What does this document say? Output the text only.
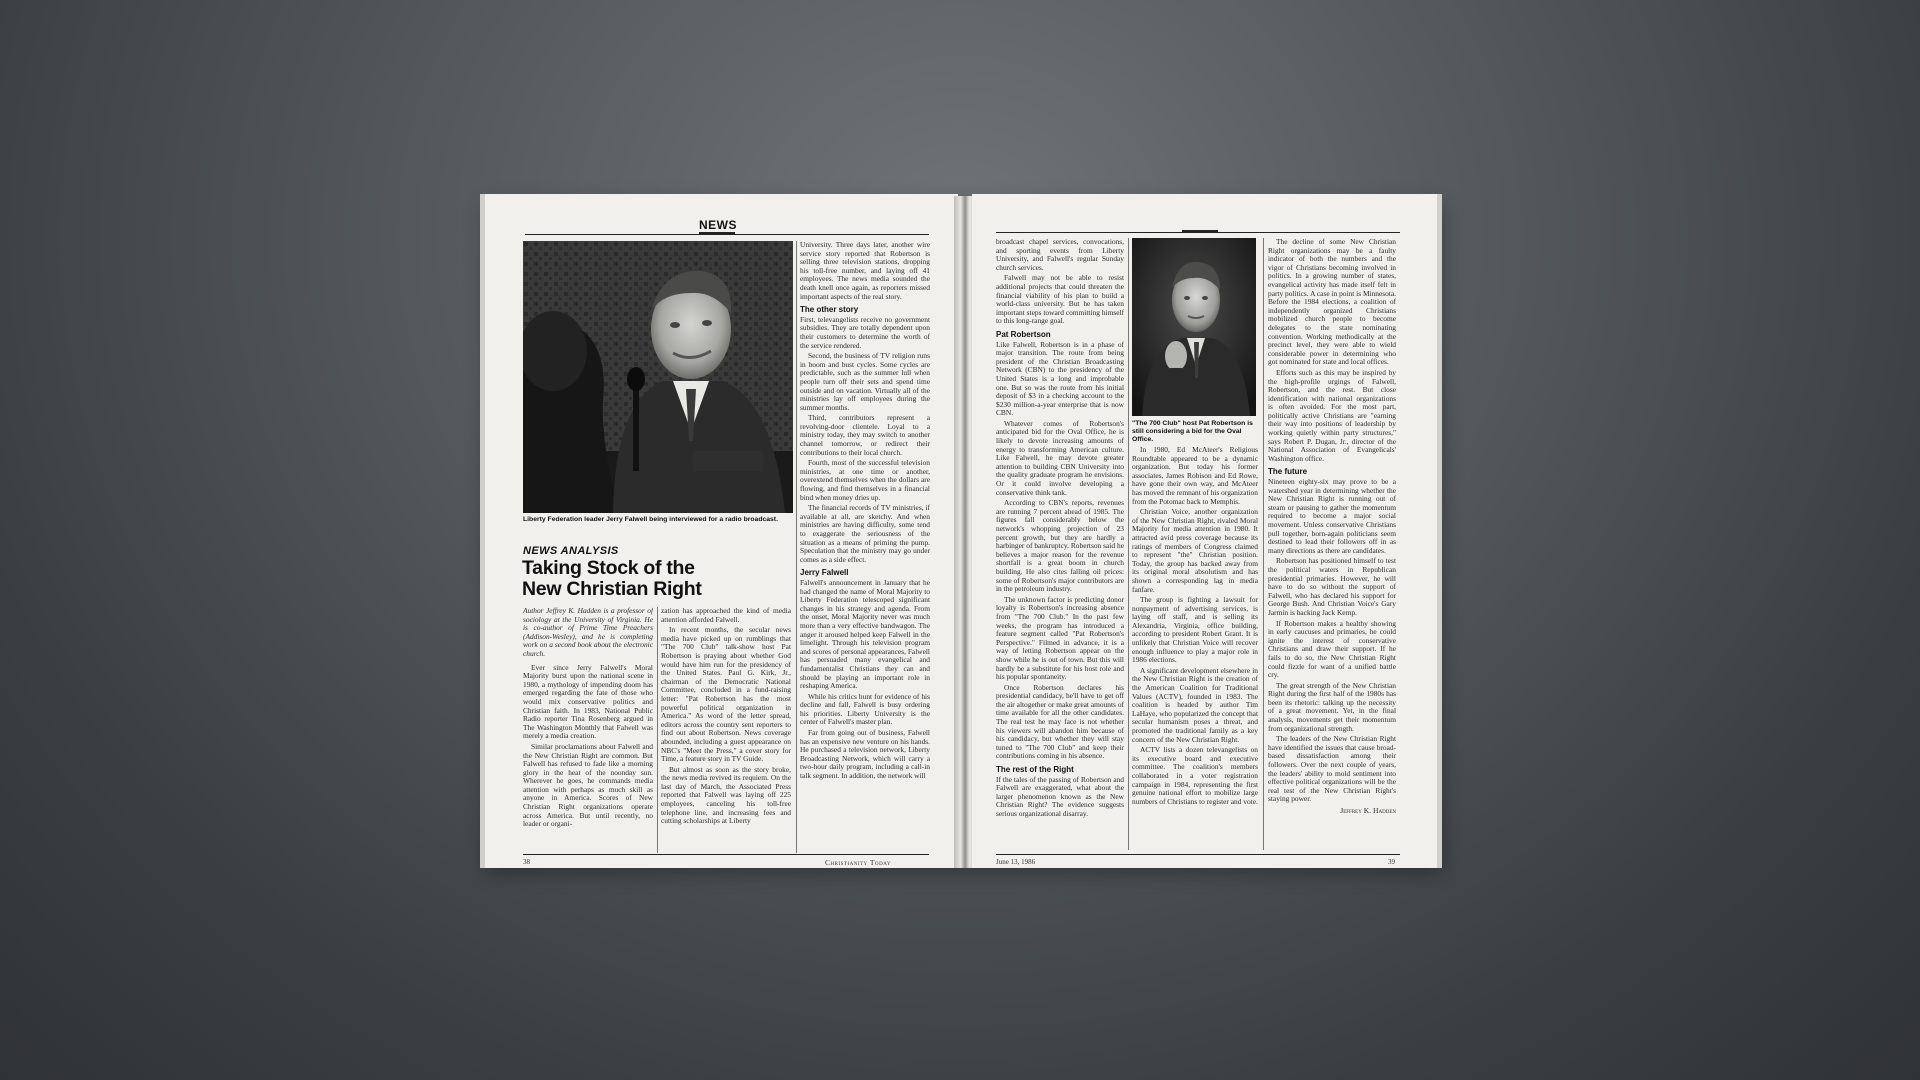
NEWS
Liberty Federation leader Jerry Falwell being interviewed for a radio broadcast.
NEWS ANALYSIS
Taking Stock of the
New Christian Right

Author Jeffrey K. Hadden is a professor of sociology at the University of Virginia. He is co-author of Prime Time Preachers (Addison-Wesley), and he is completing work on a second book about the electronic church.

Ever since Jerry Falwell's Moral Majority burst upon the national scene in 1980, a mythology of impending doom has emerged regarding the fate of those who would mix conservative politics and Christian faith. In 1983, National Public Radio reporter Tina Rosenberg argued in The Washington Monthly that Falwell was merely a media creation.

Similar proclamations about Falwell and the New Christian Right are common. But Falwell has refused to fade like a morning glory in the heat of the noonday sun. Wherever he goes, he commands media attention with perhaps as much skill as anyone in America. Scores of New Christian Right organizations operate across America. But until recently, no leader or organi-

zation has approached the kind of media attention afforded Falwell.

In recent months, the secular news media have picked up on rumblings that "The 700 Club" talk-show host Pat Robertson is praying about whether God would have him run for the presidency of the United States. Paul G. Kirk, Jr., chairman of the Democratic National Committee, concluded in a fund-raising letter: "Pat Robertson has the most powerful political organization in America." As word of the letter spread, editors across the country sent reporters to find out about Robertson. News coverage abounded, including a guest appearance on NBC's "Meet the Press," a cover story for Time, a feature story in TV Guide.

But almost as soon as the story broke, the news media revived its requiem. On the last day of March, the Associated Press reported that Falwell was laying off 225 employees, canceling his toll-free telephone line, and increasing fees and cutting scholarships at Liberty

University. Three days later, another wire service story reported that Robertson is selling three television stations, dropping his toll-free number, and laying off 41 employees. The news media sounded the death knell once again, as reporters missed important aspects of the real story.

The other story

First, televangelists receive no government subsidies. They are totally dependent upon their customers to determine the worth of the service rendered.

Second, the business of TV religion runs in boom and bust cycles. Some cycles are predictable, such as the summer lull when people turn off their sets and spend time outside and on vacation. Virtually all of the ministries lay off employees during the summer months.

Third, contributors represent a revolving-door clientele. Loyal to a ministry today, they may switch to another channel tomorrow, or redirect their contributions to their local church.

Fourth, most of the successful television ministries, at one time or another, overextend themselves when the dollars are flowing, and find themselves in a financial bind when money dries up.

The financial records of TV ministries, if available at all, are sketchy. And when ministries are having difficulty, some tend to exaggerate the seriousness of the situation as a means of priming the pump. Speculation that the ministry may go under comes as a side effect.

Jerry Falwell

Falwell's announcement in January that he had changed the name of Moral Majority to Liberty Federation telescoped significant changes in his strategy and agenda. From the onset, Moral Majority never was much more than a very effective bandwagon. The anger it aroused helped keep Falwell in the limelight. Through his television program and scores of personal appearances, Falwell has persuaded many evangelical and fundamentalist Christians they can and should be playing an important role in reshaping America.

While his critics hunt for evidence of his decline and fall, Falwell is busy ordering his priorities. Liberty University is the center of Falwell's master plan.

Far from going out of business, Falwell has an expensive new venture on his hands. He purchased a television network, Liberty Broadcasting Network, which will carry a two-hour daily program, including a call-in talk segment. In addition, the network will

38	Christianity Today

broadcast chapel services, convocations, and sporting events from Liberty University, and Falwell's regular Sunday church services.

Falwell may not be able to resist additional projects that could threaten the financial viability of his plan to build a world-class university. But he has taken important steps toward committing himself to this long-range goal.

Pat Robertson

Like Falwell, Robertson is in a phase of major transition. The route from being president of the Christian Broadcasting Network (CBN) to the presidency of the United States is a long and improbable one. But so was the route from his initial deposit of $3 in a checking account to the $230 million-a-year enterprise that is now CBN.

Whatever comes of Robertson's anticipated bid for the Oval Office, he is likely to devote increasing amounts of energy to transforming American culture. Like Falwell, he may devote greater attention to building CBN University into the quality graduate program he envisions. Or it could involve developing a conservative think tank.

According to CBN's reports, revenues are running 7 percent ahead of 1985. The figures fall considerably below the network's whopping projection of 23 percent growth, but they are hardly a harbinger of bankruptcy. Robertson said he believes a major reason for the revenue shortfall is a great boom in church building. He also cites falling oil prices: some of Robertson's major contributors are in the petroleum industry.

The unknown factor is predicting donor loyalty is Robertson's increasing absence from "The 700 Club." In the past few weeks, the program has introduced a feature segment called "Pat Robertson's Perspective." Filmed in advance, it is a way of letting Robertson appear on the show while he is out of town. But this will hardly be a substitute for his host role and his popular spontaneity.

Once Robertson declares his presidential candidacy, he'll have to get off the air altogether or make great amounts of time available for all the other candidates. The real test he may face is not whether his viewers will abandon him because of his candidacy, but whether they will stay tuned to "The 700 Club" and keep their contributions coming in his absence.

The rest of the Right

If the tales of the passing of Robertson and Falwell are exaggerated, what about the larger phenomenon known as the New Christian Right? The evidence suggests serious organizational disarray.

"The 700 Club" host Pat Robertson is still considering a bid for the Oval Office.

In 1980, Ed McAteer's Religious Roundtable appeared to be a dynamic organization. But today his former associates, James Robison and Ed Rowe, have gone their own way, and McAteer has moved the remnant of his organization from the Potomac back to Memphis.

Christian Voice, another organization of the New Christian Right, rivaled Moral Majority for media attention in 1980. It attracted avid press coverage because its ratings of members of Congress claimed to represent "the" Christian position. Today, the group has backed away from its original moral absolutism and has shown a corresponding lag in media fanfare.

The group is fighting a lawsuit for nonpayment of advertising services, is laying off staff, and is selling its Alexandria, Virginia, office building, according to president Robert Grant. It is unlikely that Christian Voice will recover enough influence to play a major role in 1986 elections.

A significant development elsewhere in the New Christian Right is the creation of the American Coalition for Traditional Values (ACTV), founded in 1983. The coalition is headed by author Tim LaHaye, who popularized the concept that secular humanism poses a threat, and promoted the traditional family as a key concern of the New Christian Right.

ACTV lists a dozen televangelists on its executive board and executive committee. The coalition's members collaborated in a voter registration campaign in 1984, representing the first genuine national effort to mobilize large numbers of Christians to register and vote.

The decline of some New Christian Right organizations may be a faulty indicator of both the numbers and the vigor of Christians becoming involved in politics. In a growing number of states, evangelical activity has made itself felt in party politics. A case in point is Minnesota. Before the 1984 elections, a coalition of independently organized Christians mobilized church people to become delegates to the state nominating convention. Working methodically at the precinct level, they were able to wield considerable power in determining who got nominated for state and local offices.

Efforts such as this may be inspired by the high-profile urgings of Falwell, Robertson, and the rest. But close identification with national organizations is often avoided. For the most part, politically active Christians are "earning their way into positions of leadership by working quietly within party structures," says Robert P. Dugan, Jr., director of the National Association of Evangelicals' Washington office.

The future

Nineteen eighty-six may prove to be a watershed year in determining whether the New Christian Right is running out of steam or pausing to gather the momentum required to become a major social movement. Unless conservative Christians pull together, born-again politicians seem destined to lead their followers off in as many directions as there are candidates.

Robertson has positioned himself to test the political waters in Republican presidential primaries. However, he will have to do so without the support of Falwell, who has declared his support for George Bush. And Christian Voice's Gary Jarmin is backing Jack Kemp.

If Robertson makes a healthy showing in early caucuses and primaries, he could ignite the interest of conservative Christians and draw their support. If he fails to do so, the New Christian Right could fizzle for want of a unified battle cry.

The great strength of the New Christian Right during the first half of the 1980s has been its rhetoric: talking up the necessity of a great movement. Yet, in the final analysis, movements get their momentum from organizational strength.

The leaders of the New Christian Right have identified the issues that cause broad-based dissatisfaction among their followers. Over the next couple of years, the leaders' ability to mold sentiment into effective political organizations will be the real test of the New Christian Right's staying power.

Jeffrey K. Hadden
June 13, 1986	39
